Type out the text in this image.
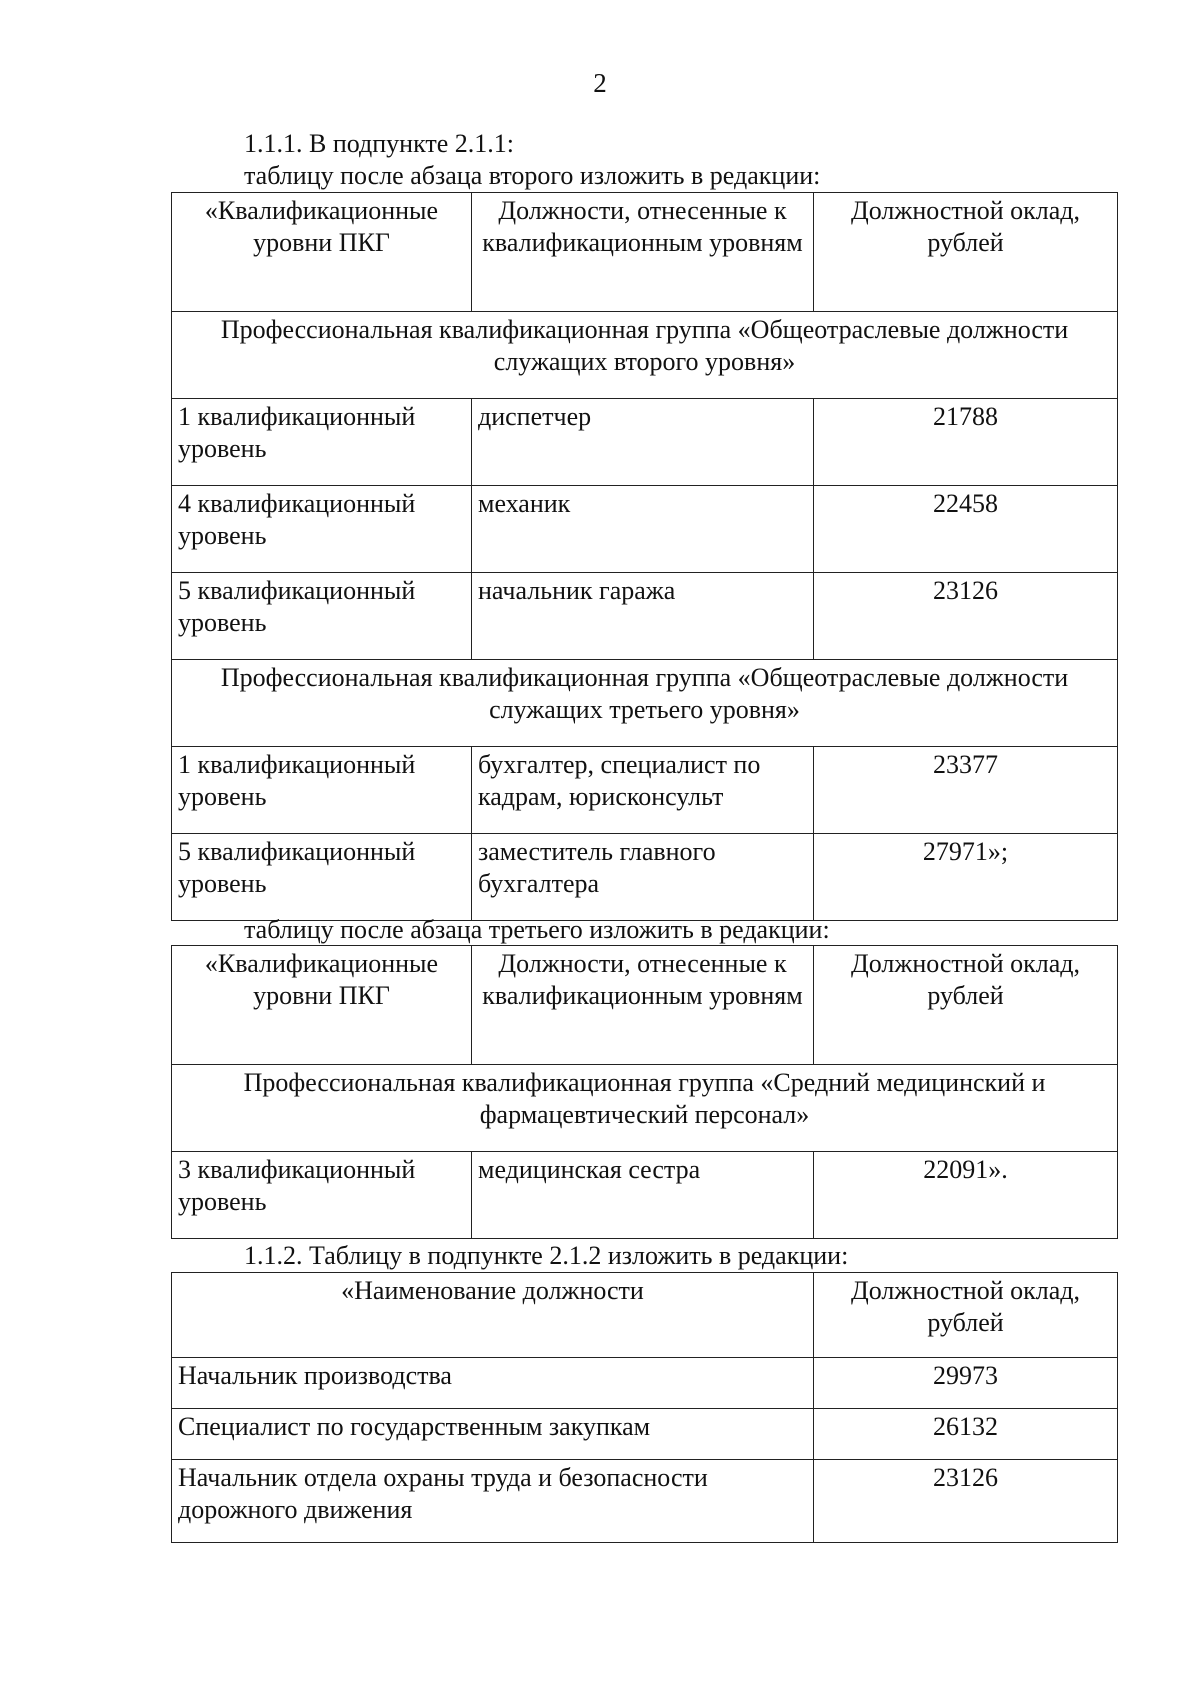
2
1.1.1. В подпункте 2.1.1:
таблицу после абзаца второго изложить в редакции:
«Квалификационные уровни ПКГ	Должности, отнесенные к квалификационным уровням	Должностной оклад, рублей
Профессиональная квалификационная группа «Общеотраслевые должности служащих второго уровня»		
1 квалификационный уровень	диспетчер	21788
4 квалификационный уровень	механик	22458
5 квалификационный уровень	начальник гаража	23126
Профессиональная квалификационная группа «Общеотраслевые должности служащих третьего уровня»		
1 квалификационный уровень	бухгалтер, специалист по кадрам, юрисконсульт	23377
5 квалификационный уровень	заместитель главного бухгалтера	27971»;
таблицу после абзаца третьего изложить в редакции:
«Квалификационные уровни ПКГ	Должности, отнесенные к квалификационным уровням	Должностной оклад, рублей
Профессиональная квалификационная группа «Средний медицинский и фармацевтический персонал»		
3 квалификационный уровень	медицинская сестра	22091».
1.1.2. Таблицу в подпункте 2.1.2 изложить в редакции:
«Наименование должности	Должностной оклад, рублей
Начальник производства	29973
Специалист по государственным закупкам	26132
Начальник отдела охраны труда и безопасности дорожного движения	23126
